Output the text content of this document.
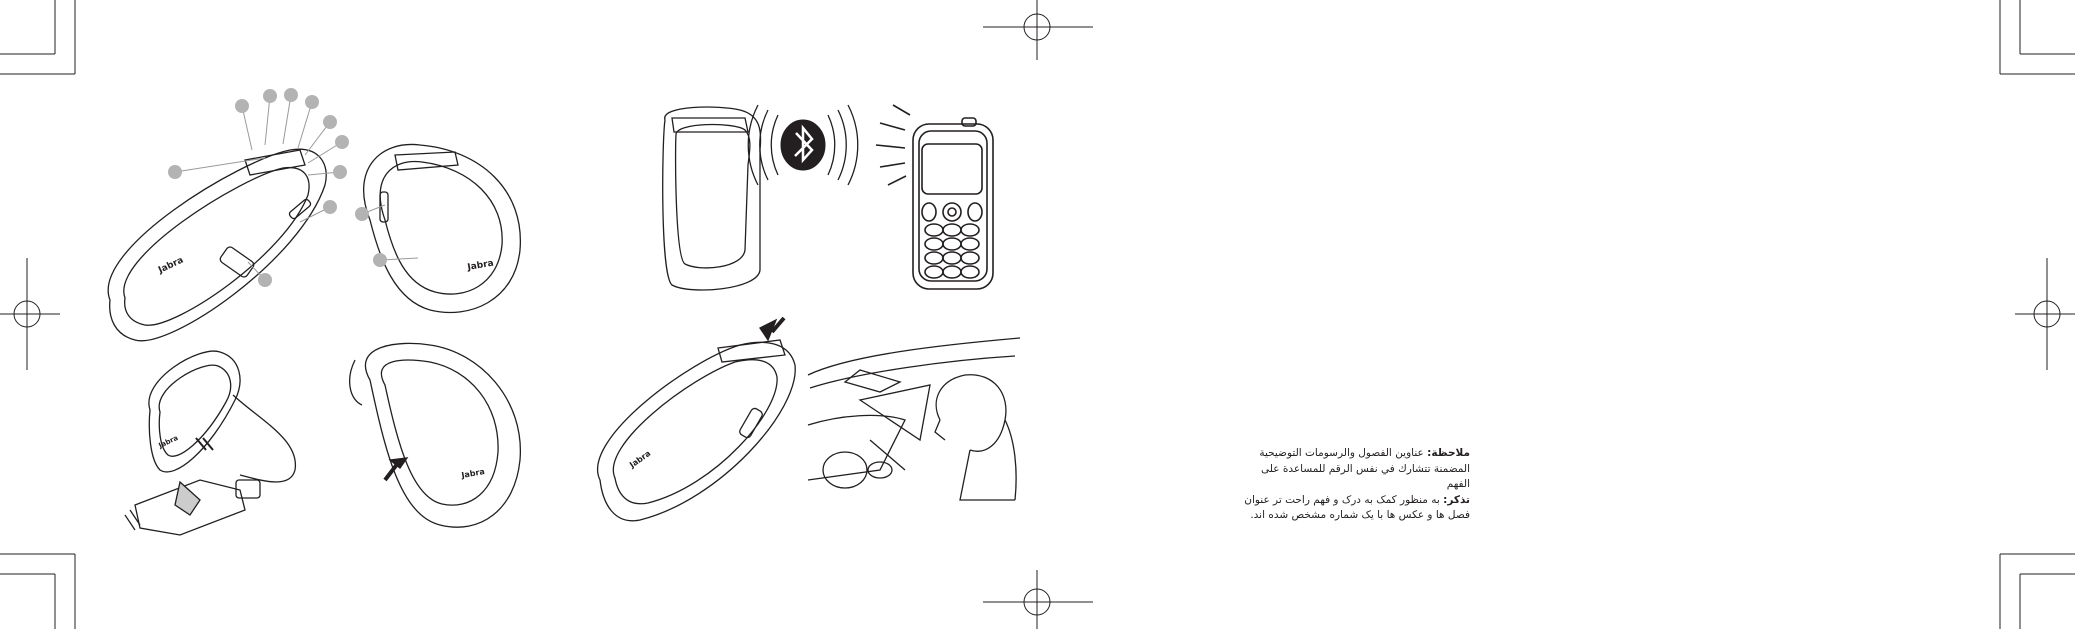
Jabra	Jabra
Jabra
Jabra
Jabra	ملاحظة: عناوين الفصول والرسومات التوضيحية

المضمنة تتشارك في نفس الرقم للمساعدة على الفهم

تذکر: به منظور کمک به درک و فهم راحت تر عنوان

فصل ها و عکس ها با یک شماره مشخص شده اند.
